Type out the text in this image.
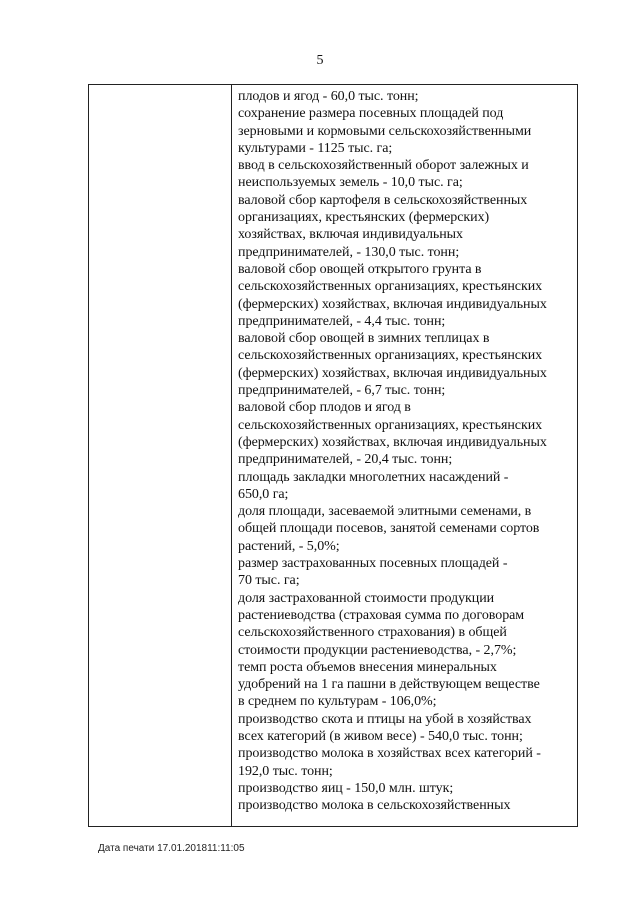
5
плодов и ягод - 60,0 тыс. тонн;
сохранение размера посевных площадей под
зерновыми и кормовыми сельскохозяйственными
культурами - 1125 тыс. га;
ввод в сельскохозяйственный оборот залежных и
неиспользуемых земель - 10,0 тыс. га;
валовой сбор картофеля в сельскохозяйственных
организациях, крестьянских (фермерских)
хозяйствах, включая индивидуальных
предпринимателей, - 130,0 тыс. тонн;
валовой сбор овощей открытого грунта в
сельскохозяйственных организациях, крестьянских
(фермерских) хозяйствах, включая индивидуальных
предпринимателей, - 4,4 тыс. тонн;
валовой сбор овощей в зимних теплицах в
сельскохозяйственных организациях, крестьянских
(фермерских) хозяйствах, включая индивидуальных
предпринимателей, - 6,7 тыс. тонн;
валовой сбор плодов и ягод в
сельскохозяйственных организациях, крестьянских
(фермерских) хозяйствах, включая индивидуальных
предпринимателей, - 20,4 тыс. тонн;
площадь закладки многолетних насаждений -
650,0 га;
доля площади, засеваемой элитными семенами, в
общей площади посевов, занятой семенами сортов
растений, - 5,0%;
размер застрахованных посевных площадей -
70 тыс. га;
доля застрахованной стоимости продукции
растениеводства (страховая сумма по договорам
сельскохозяйственного страхования) в общей
стоимости продукции растениеводства, - 2,7%;
темп роста объемов внесения минеральных
удобрений на 1 га пашни в действующем веществе
в среднем по культурам - 106,0%;
производство скота и птицы на убой в хозяйствах
всех категорий (в живом весе) - 540,0 тыс. тонн;
производство молока в хозяйствах всех категорий -
192,0 тыс. тонн;
производство яиц - 150,0 млн. штук;
производство молока в сельскохозяйственных
Дата печати 17.01.201811:11:05
